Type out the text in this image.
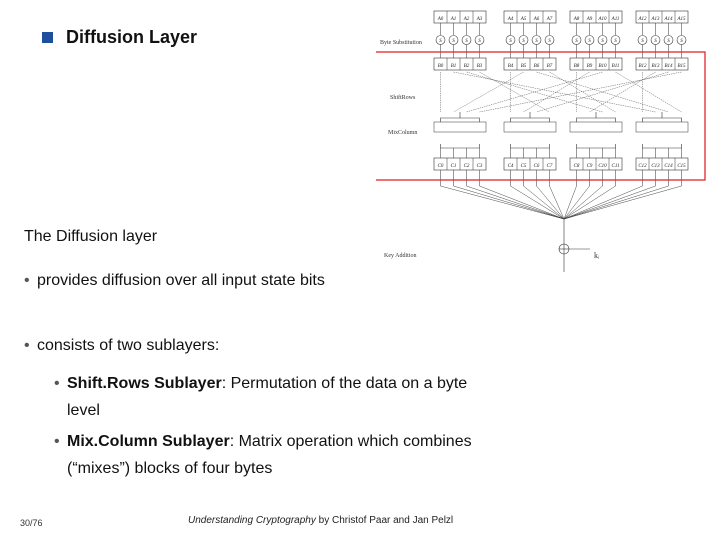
Diffusion Layer	Byte Substitution
ShiftRows
MixColumn
Key Addition	kᵢ
A0 A1 A2 A3	A4 A5 A6 A7	A8 A9 A10 A11	A12 A13 A14 A15
S S S S	S S S S	S S S S	S S S S
B0 B1 B2 B3	B4 B5 B6 B7	B8 B9 B10 B11	B12 B13 B14 B15
C0 C1 C2 C3	C4 C5 C6 C7	C8 C9 C10 C11	C12 C13 C14 C15
The Diffusion layer
• provides diffusion over all input state bits
• consists of two sublayers:
• Shift.Rows Sublayer: Permutation of the data on a byte level
• Mix.Column Sublayer: Matrix operation which combines (“mixes”) blocks of four bytes
30/76	Understanding Cryptography by Christof Paar and Jan Pelzl
